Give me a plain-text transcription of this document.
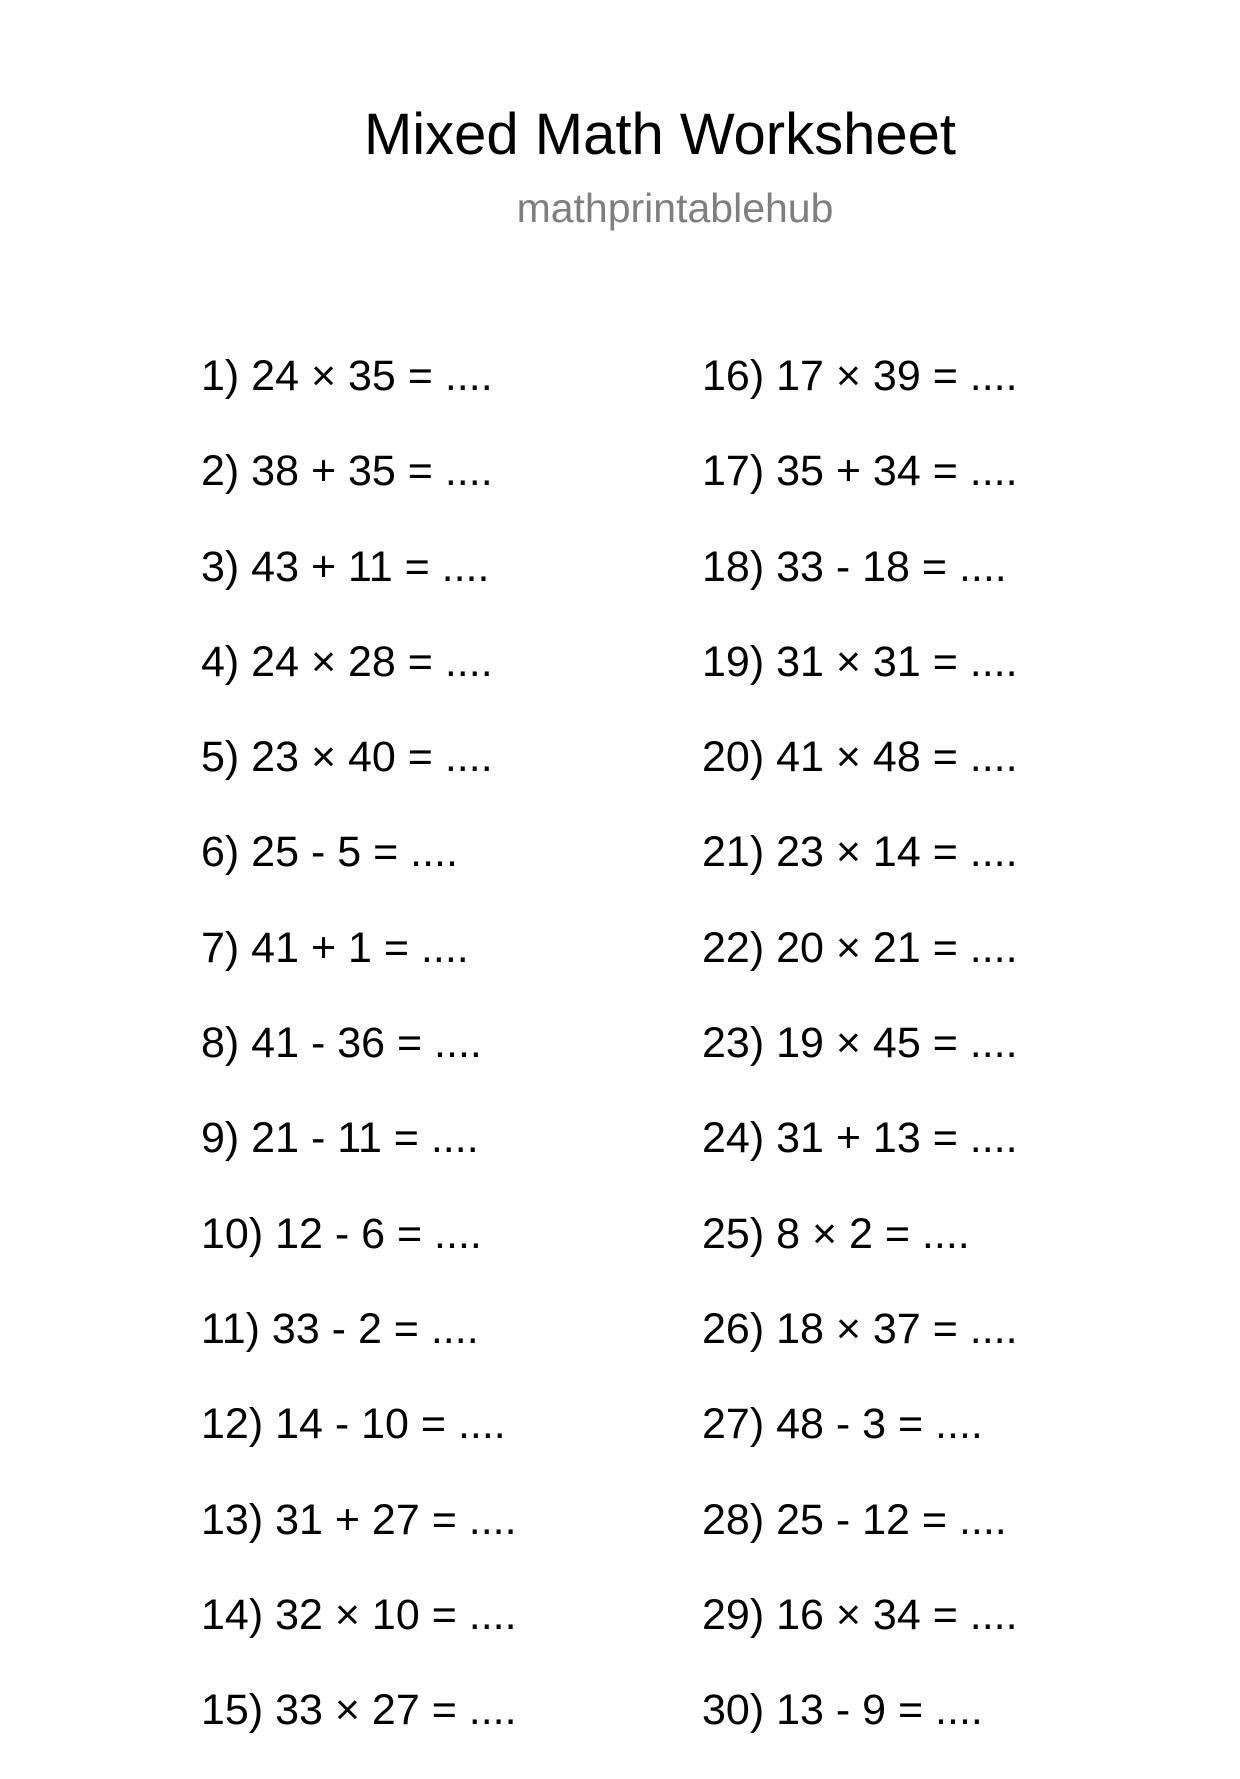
Mixed Math Worksheet
mathprintablehub
1) 24 × 35 = ....
2) 38 + 35 = ....
3) 43 + 11 = ....
4) 24 × 28 = ....
5) 23 × 40 = ....
6) 25 - 5 = ....
7) 41 + 1 = ....
8) 41 - 36 = ....
9) 21 - 11 = ....
10) 12 - 6 = ....
11) 33 - 2 = ....
12) 14 - 10 = ....
13) 31 + 27 = ....
14) 32 × 10 = ....
15) 33 × 27 = ....
16) 17 × 39 = ....
17) 35 + 34 = ....
18) 33 - 18 = ....
19) 31 × 31 = ....
20) 41 × 48 = ....
21) 23 × 14 = ....
22) 20 × 21 = ....
23) 19 × 45 = ....
24) 31 + 13 = ....
25) 8 × 2 = ....
26) 18 × 37 = ....
27) 48 - 3 = ....
28) 25 - 12 = ....
29) 16 × 34 = ....
30) 13 - 9 = ....
